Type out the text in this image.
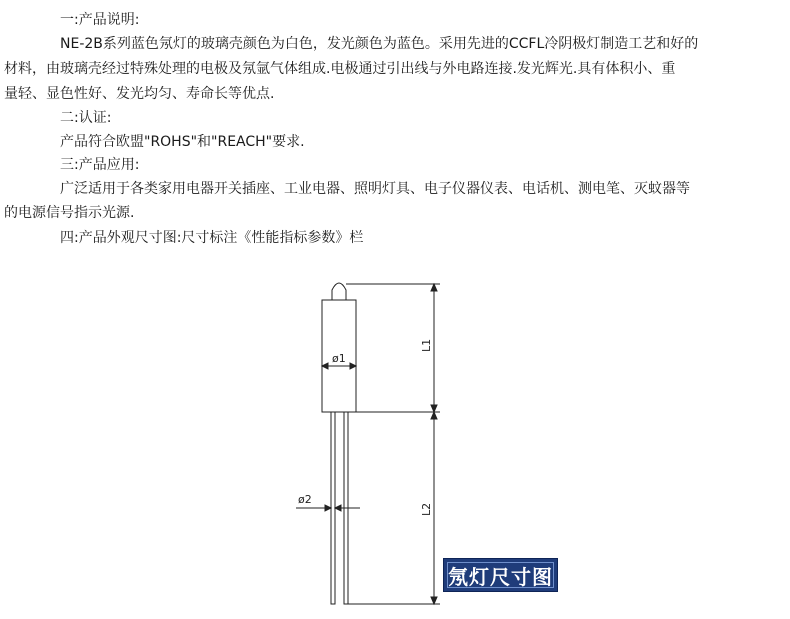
一:产品说明:
NE-2B系列蓝色氖灯的玻璃壳颜色为白色，发光颜色为蓝色。采用先进的CCFL冷阴极灯制造工艺和好的
材料，由玻璃壳经过特殊处理的电极及氖氩气体组成.电极通过引出线与外电路连接.发光辉光.具有体积小、重
量轻、显色性好、发光均匀、寿命长等优点.
二:认证:
产品符合欧盟"ROHS"和"REACH"要求.
三:产品应用:
广泛适用于各类家用电器开关插座、工业电器、照明灯具、电子仪器仪表、电话机、测电笔、灭蚊器等
的电源信号指示光源.
四:产品外观尺寸图:尺寸标注《性能指标参数》栏
ø1
ø2
L1
L2
氖灯尺寸图
